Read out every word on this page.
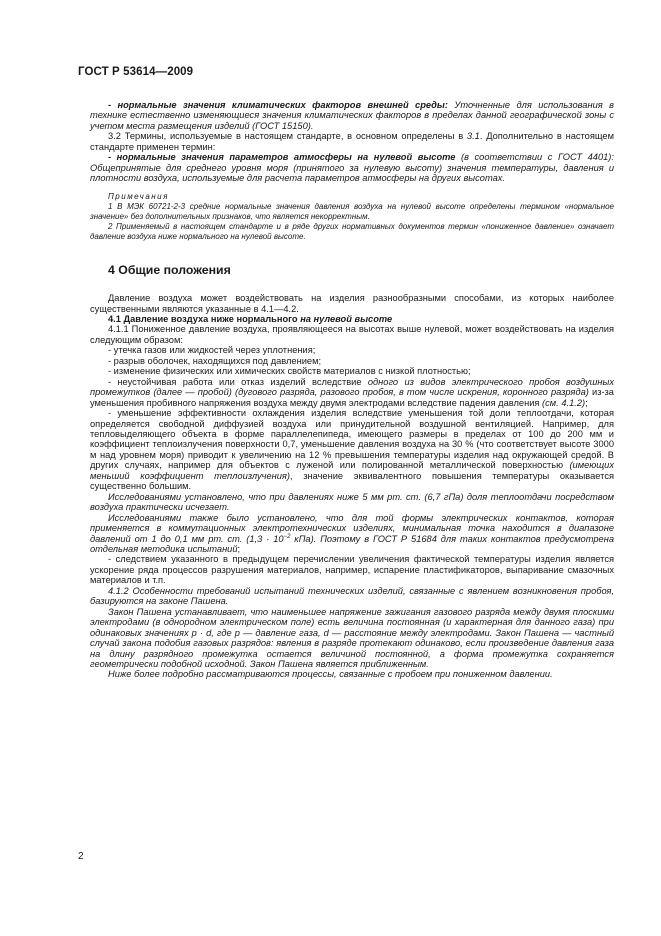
ГОСТ Р 53614—2009

- нормальные значения климатических факторов внешней среды: Уточненные для использования в технике естественно изменяющиеся значения климатических факторов в пределах данной географической зоны с учетом места размещения изделий (ГОСТ 15150).

3.2 Термины, используемые в настоящем стандарте, в основном определены в 3.1. Дополнительно в настоящем стандарте применен термин:

- нормальные значения параметров атмосферы на нулевой высоте (в соответствии с ГОСТ 4401): Общепринятые для среднего уровня моря (принятого за нулевую высоту) значения температуры, давления и плотности воздуха, используемые для расчета параметров атмосферы на других высотах.

Примечания

1 В МЭК 60721-2-3 средние нормальные значения давления воздуха на нулевой высоте определены термином «нормальное значение» без дополнительных признаков, что является некорректным.

2 Применяемый в настоящем стандарте и в ряде других нормативных документов термин «пониженное давление» означает давление воздуха ниже нормального на нулевой высоте.

4 Общие положения

Давление воздуха может воздействовать на изделия разнообразными способами, из которых наиболее существенными являются указанные в 4.1—4.2.

4.1 Давление воздуха ниже нормального на нулевой высоте

4.1.1 Пониженное давление воздуха, проявляющееся на высотах выше нулевой, может воздействовать на изделия следующим образом:

- утечка газов или жидкостей через уплотнения;

- разрыв оболочек, находящихся под давлением;

- изменение физических или химических свойств материалов с низкой плотностью;

- неустойчивая работа или отказ изделий вследствие одного из видов электрического пробоя воздушных промежутков (далее — пробой) (дугового разряда, разового пробоя, в том числе искрения, коронного разряда) из-за уменьшения пробивного напряжения воздуха между двумя электродами вследствие падения давления (см. 4.1.2);

- уменьшение эффективности охлаждения изделия вследствие уменьшения той доли теплоотдачи, которая определяется свободной диффузией воздуха или принудительной воздушной вентиляцией. Например, для тепловыделяющего объекта в форме параллелепипеда, имеющего размеры в пределах от 100 до 200 мм и коэффициент теплоизлучения поверхности 0,7, уменьшение давления воздуха на 30 % (что соответствует высоте 3000 м над уровнем моря) приводит к увеличению на 12 % превышения температуры изделия над окружающей средой. В других случаях, например для объектов с луженой или полированной металлической поверхностью (имеющих меньший коэффициент теплоизлучения), значение эквивалентного повышения температуры оказывается существенно большим.

Исследованиями установлено, что при давлениях ниже 5 мм рт. ст. (6,7 гПа) доля теплоотдачи посредством воздуха практически исчезает.

Исследованиями также было установлено, что для той формы электрических контактов, которая применяется в коммутационных электротехнических изделиях, минимальная точка находится в диапазоне давлений от 1 до 0,1 мм рт. ст. ($1,3 \cdot 10^{-2}$ кПа). Поэтому в ГОСТ Р 51684 для таких контактов предусмотрена отдельная методика испытаний;

- следствием указанного в предыдущем перечислении увеличения фактической температуры изделия является ускорение ряда процессов разрушения материалов, например, испарение пластификаторов, выпаривание смазочных материалов и т.п.

4.1.2 Особенности требований испытаний технических изделий, связанные с явлением возникновения пробоя, базируются на законе Пашена.

Закон Пашена устанавливает, что наименьшее напряжение зажигания газового разряда между двумя плоскими электродами (в однородном электрическом поле) есть величина постоянная (и характерная для данного газа) при одинаковых значениях p · d, где p — давление газа, d — расстояние между электродами. Закон Пашена — частный случай закона подобия газовых разрядов: явления в разряде протекают одинаково, если произведение давления газа на длину разрядного промежутка остается величиной постоянной, а форма промежутка сохраняется геометрически подобной исходной. Закон Пашена является приближенным.

Ниже более подробно рассматриваются процессы, связанные с пробоем при пониженном давлении.

2
